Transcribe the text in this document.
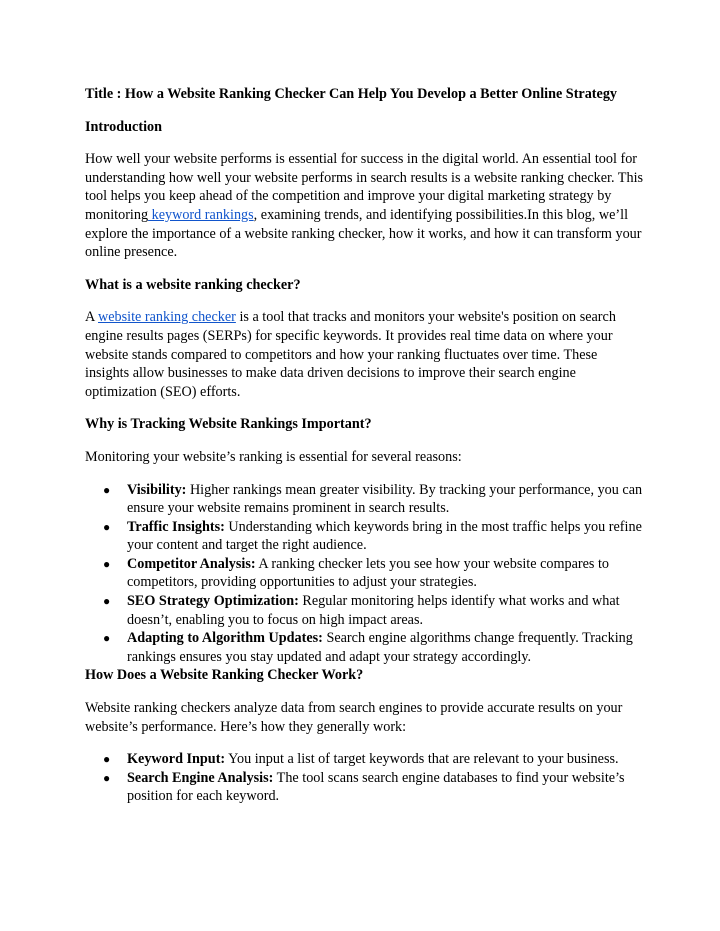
Title : How a Website Ranking Checker Can Help You Develop a Better Online Strategy

Introduction

How well your website performs is essential for success in the digital world. An essential tool for understanding how well your website performs in search results is a website ranking checker. This tool helps you keep ahead of the competition and improve your digital marketing strategy by monitoring keyword rankings, examining trends, and identifying possibilities.In this blog, we’ll explore the importance of a website ranking checker, how it works, and how it can transform your online presence.

What is a website ranking checker?

A website ranking checker is a tool that tracks and monitors your website's position on search engine results pages (SERPs) for specific keywords. It provides real time data on where your website stands compared to competitors and how your ranking fluctuates over time. These insights allow businesses to make data driven decisions to improve their search engine optimization (SEO) efforts.

Why is Tracking Website Rankings Important?

Monitoring your website’s ranking is essential for several reasons:

● Visibility: Higher rankings mean greater visibility. By tracking your performance, you can ensure your website remains prominent in search results.
● Traffic Insights: Understanding which keywords bring in the most traffic helps you refine your content and target the right audience.
● Competitor Analysis: A ranking checker lets you see how your website compares to competitors, providing opportunities to adjust your strategies.
● SEO Strategy Optimization: Regular monitoring helps identify what works and what doesn’t, enabling you to focus on high impact areas.
● Adapting to Algorithm Updates: Search engine algorithms change frequently. Tracking rankings ensures you stay updated and adapt your strategy accordingly.

How Does a Website Ranking Checker Work?

Website ranking checkers analyze data from search engines to provide accurate results on your website’s performance. Here’s how they generally work:

● Keyword Input: You input a list of target keywords that are relevant to your business.
● Search Engine Analysis: The tool scans search engine databases to find your website’s position for each keyword.
